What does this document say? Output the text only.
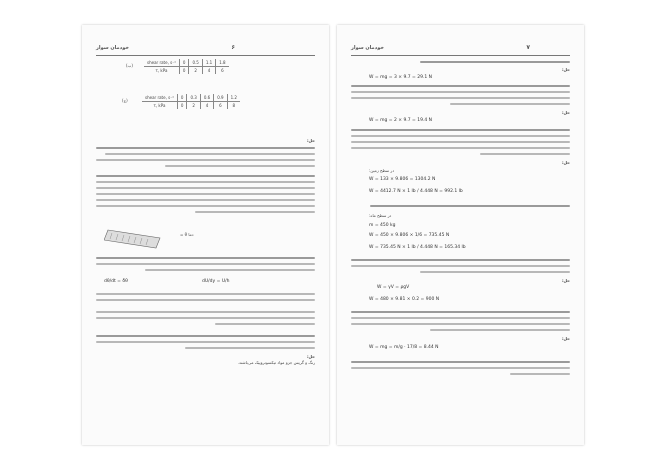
خودمان سوار	۶
(ب)
shear rate, s⁻¹	0	0.5	1.1	1.8
τ, kPa	0	2	4	6
(ج)
shear rate, s⁻¹	0	0.3	0.6	0.9	1.2
τ, kPa	0	2	4	6	8
حل:
دما θ =
dθ/dt = δθ	dU/dy = U/h
حل:
رنگ و گریس جزو مواد تیکسوتروپیک می‌باشند.
خودمان سوار	۷
حل:
W = mg = 3 × 9.7 = 29.1 N
حل:
W = mg = 2 × 9.7 = 19.4 N
حل:
در سطح زمین:
W = 133 × 9.806 = 1304.2 N
W = 4412.7 N × 1 lb / 4.448 N = 992.1 lb
در سطح ماه:
m = 450 kg
W = 450 × 9.806 × 1/6 = 735.45 N
W = 735.45 N × 1 lb / 4.448 N = 165.34 lb
حل:
W = γV = ρgV
W = 480 × 9.81 × 0.2 = 900 N
حل:
W = mg = m/g · 17/8 = 8.44 N
